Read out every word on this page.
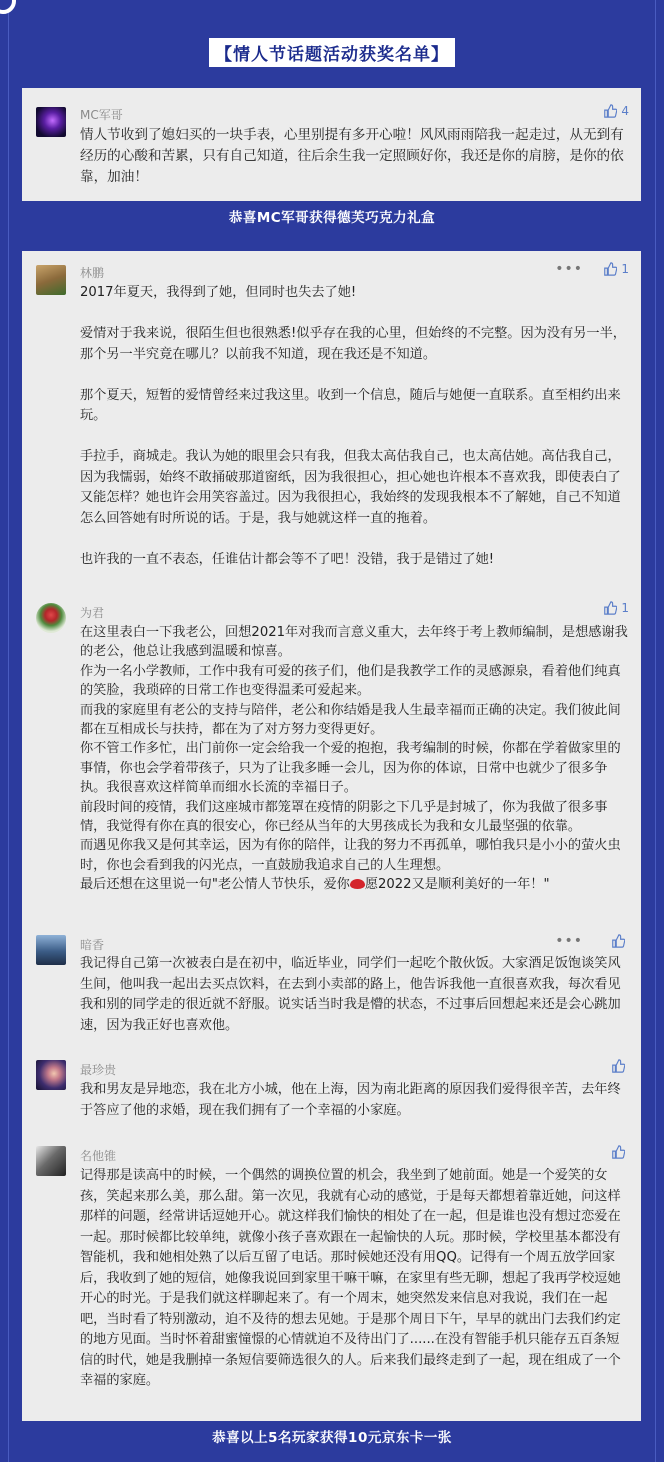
【情人节话题活动获奖名单】
MC军哥	4
情人节收到了媳妇买的一块手表，心里别提有多开心啦！风风雨雨陪我一起走过，从无到有经历的心酸和苦累，只有自己知道，往后余生我一定照顾好你，我还是你的肩膀，是你的依靠，加油！
恭喜MC军哥获得德芙巧克力礼盒
林鹏	•••	1
2017年夏天，我得到了她，但同时也失去了她!

爱情对于我来说，很陌生但也很熟悉!似乎存在我的心里，但始终的不完整。因为没有另一半，那个另一半究竟在哪儿？以前我不知道，现在我还是不知道。

那个夏天，短暂的爱情曾经来过我这里。收到一个信息，随后与她便一直联系。直至相约出来玩。

手拉手，商城走。我认为她的眼里会只有我，但我太高估我自己，也太高估她。高估我自己，因为我懦弱，始终不敢捅破那道窗纸，因为我很担心，担心她也许根本不喜欢我，即使表白了又能怎样？她也许会用笑容盖过。因为我很担心，我始终的发现我根本不了解她，自己不知道怎么回答她有时所说的话。于是，我与她就这样一直的拖着。

也许我的一直不表态，任谁估计都会等不了吧！没错，我于是错过了她!
为君	1
在这里表白一下我老公，回想2021年对我而言意义重大，去年终于考上教师编制，是想感谢我的老公，他总让我感到温暖和惊喜。
作为一名小学教师，工作中我有可爱的孩子们，他们是我教学工作的灵感源泉，看着他们纯真的笑脸，我琐碎的日常工作也变得温柔可爱起来。
而我的家庭里有老公的支持与陪伴，老公和你结婚是我人生最幸福而正确的决定。我们彼此间都在互相成长与扶持，都在为了对方努力变得更好。
你不管工作多忙，出门前你一定会给我一个爱的抱抱，我考编制的时候，你都在学着做家里的事情，你也会学着带孩子，只为了让我多睡一会儿，因为你的体谅，日常中也就少了很多争执。我很喜欢这样简单而细水长流的幸福日子。
前段时间的疫情，我们这座城市都笼罩在疫情的阴影之下几乎是封城了，你为我做了很多事情，我觉得有你在真的很安心，你已经从当年的大男孩成长为我和女儿最坚强的依靠。
而遇见你我又是何其幸运，因为有你的陪伴，让我的努力不再孤单，哪怕我只是小小的萤火虫时，你也会看到我的闪光点，一直鼓励我追求自己的人生理想。
最后还想在这里说一句"老公情人节快乐，爱你 愿2022又是顺利美好的一年！"
暗香	•••
我记得自己第一次被表白是在初中，临近毕业，同学们一起吃个散伙饭。大家酒足饭饱谈笑风生间，他叫我一起出去买点饮料，在去到小卖部的路上，他告诉我他一直很喜欢我，每次看见我和别的同学走的很近就不舒服。说实话当时我是懵的状态，不过事后回想起来还是会心跳加速，因为我正好也喜欢他。
最珍贵
我和男友是异地恋，我在北方小城，他在上海，因为南北距离的原因我们爱得很辛苦，去年终于答应了他的求婚，现在我们拥有了一个幸福的小家庭。
名他锥
记得那是读高中的时候，一个偶然的调换位置的机会，我坐到了她前面。她是一个爱笑的女孩，笑起来那么美，那么甜。第一次见，我就有心动的感觉，于是每天都想着靠近她，问这样那样的问题，经常讲话逗她开心。就这样我们愉快的相处了在一起，但是谁也没有想过恋爱在一起。那时候都比较单纯，就像小孩子喜欢跟在一起愉快的人玩。那时候，学校里基本都没有智能机，我和她相处熟了以后互留了电话。那时候她还没有用QQ。记得有一个周五放学回家后，我收到了她的短信，她像我说回到家里干嘛干嘛，在家里有些无聊，想起了我再学校逗她开心的时光。于是我们就这样聊起来了。有一个周末，她突然发来信息对我说，我们在一起吧，当时看了特别激动，迫不及待的想去见她。于是那个周日下午，早早的就出门去我们约定的地方见面。当时怀着甜蜜憧憬的心情就迫不及待出门了......在没有智能手机只能存五百条短信的时代，她是我删掉一条短信要筛选很久的人。后来我们最终走到了一起，现在组成了一个幸福的家庭。
恭喜以上5名玩家获得10元京东卡一张
